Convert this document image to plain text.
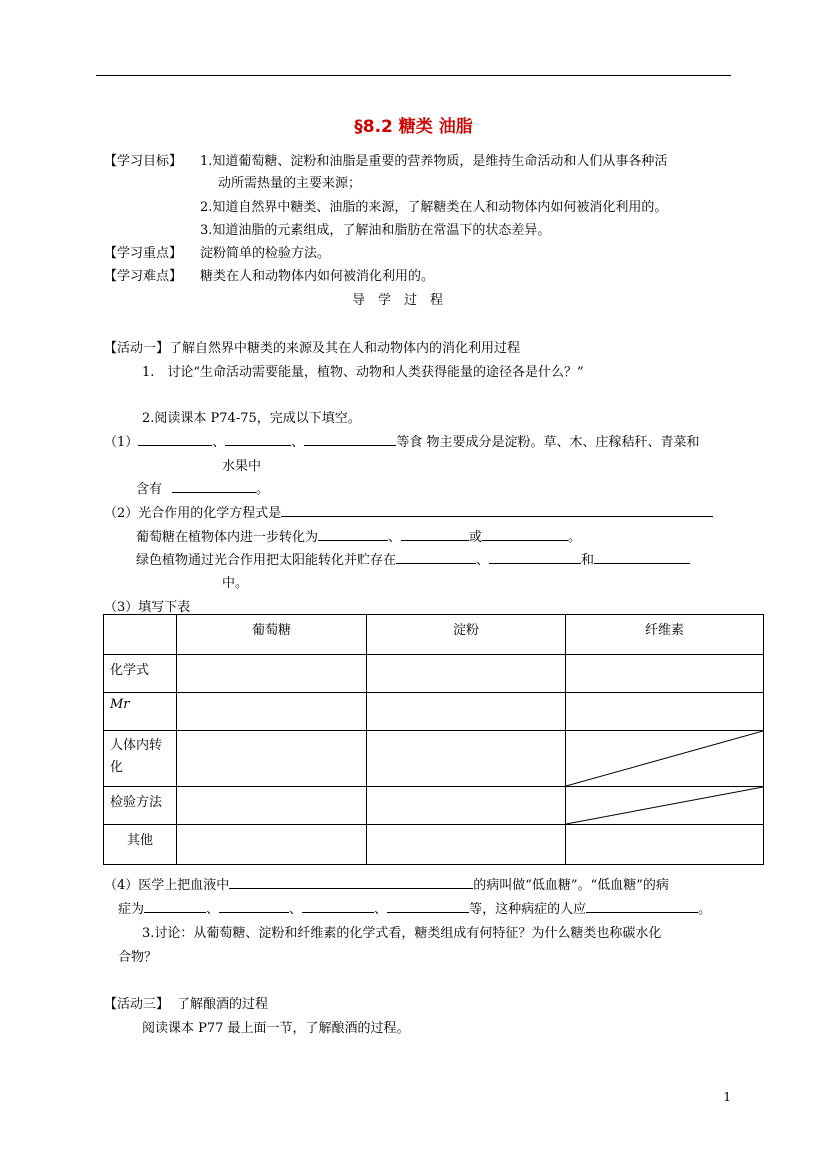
§8.2 糖类 油脂
【学习目标】 1.知道葡萄糖、淀粉和油脂是重要的营养物质，是维持生命活动和人们从事各种活
动所需热量的主要来源；
2.知道自然界中糖类、油脂的来源，了解糖类在人和动物体内如何被消化利用的。
3.知道油脂的元素组成，了解油和脂肪在常温下的状态差异。
【学习重点】 淀粉简单的检验方法。
【学习难点】 糖类在人和动物体内如何被消化利用的。
导　学　过　程
【活动一】了解自然界中糖类的来源及其在人和动物体内的消化利用过程
1.　讨论“生命活动需要能量，植物、动物和人类获得能量的途径各是什么？”
2.阅读课本 P74-75，完成以下填空。
（1）	、	、	等食 物主要成分是淀粉。草、木、庄稼秸秆、青菜和
水果中
含有	。
（2）光合作用的化学方程式是
葡萄糖在植物体内进一步转化为	、	或	。
绿色植物通过光合作用把太阳能转化并贮存在	、	和
中。
（3）填写下表
	葡萄糖	淀粉	纤维素
化学式			
Mr			
人体内转化			

检验方法			

其他			
（4）医学上把血液中	的病叫做“低血糖”。“低血糖”的病
症为	、	、	、	等，这种病症的人应	。
3.讨论：从葡萄糖、淀粉和纤维素的化学式看，糖类组成有何特征？为什么糖类也称碳水化
合物？
【活动三】 了解酿酒的过程
阅读课本 P77 最上面一节，了解酿酒的过程。
1
